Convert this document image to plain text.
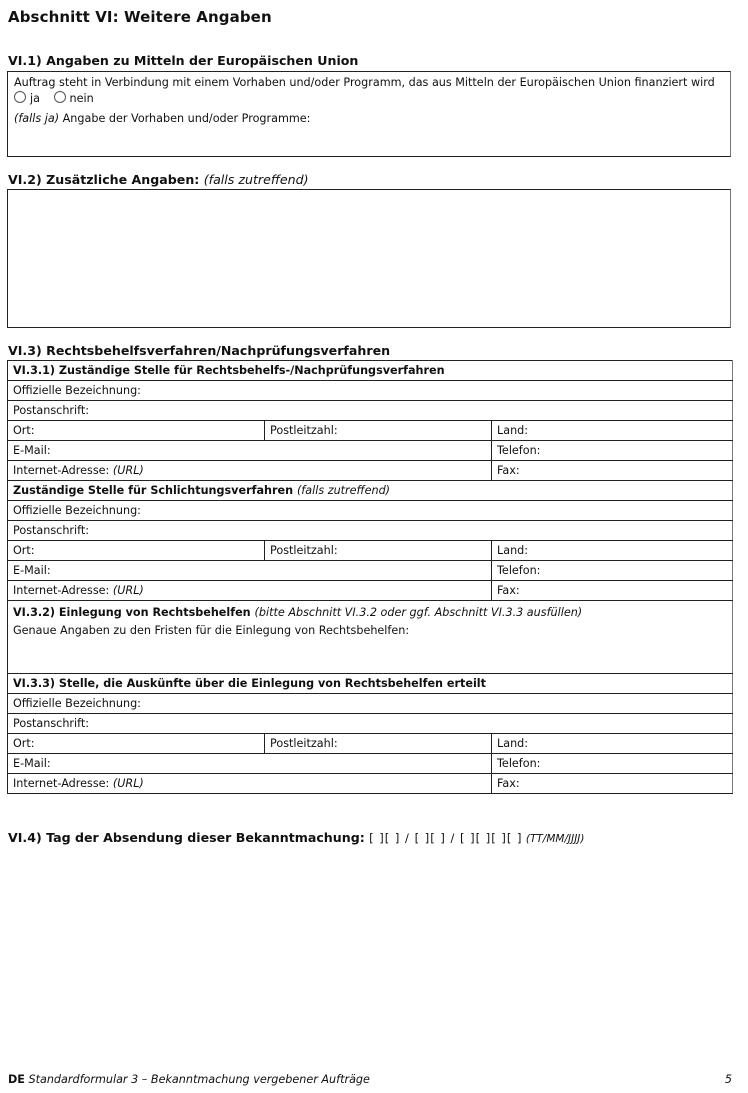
Abschnitt VI: Weitere Angaben
VI.1) Angaben zu Mitteln der Europäischen Union
Auftrag steht in Verbindung mit einem Vorhaben und/oder Programm, das aus Mitteln der Europäischen Union finanziert wird
ja	nein
(falls ja) Angabe der Vorhaben und/oder Programme:
VI.2) Zusätzliche Angaben: (falls zutreffend)
VI.3) Rechtsbehelfsverfahren/Nachprüfungsverfahren
VI.3.1) Zuständige Stelle für Rechtsbehelfs-/Nachprüfungsverfahren		
Offizielle Bezeichnung:		
Postanschrift:		
Ort:	Postleitzahl:	Land:
E-Mail:		Telefon:
Internet-Adresse: (URL)		Fax:
Zuständige Stelle für Schlichtungsverfahren (falls zutreffend)		
Offizielle Bezeichnung:		
Postanschrift:		
Ort:	Postleitzahl:	Land:
E-Mail:		Telefon:
Internet-Adresse: (URL)		Fax:

VI.3.2) Einlegung von Rechtsbehelfen (bitte Abschnitt VI.3.2 oder ggf. Abschnitt VI.3.3 ausfüllen)
Genaue Angaben zu den Fristen für die Einlegung von Rechtsbehelfen:		

VI.3.3) Stelle, die Auskünfte über die Einlegung von Rechtsbehelfen erteilt		
Offizielle Bezeichnung:		
Postanschrift:		
Ort:	Postleitzahl:	Land:
E-Mail:		Telefon:
Internet-Adresse: (URL)		Fax:
VI.4) Tag der Absendung dieser Bekanntmachung: [ ][ ] / [ ][ ] / [ ][ ][ ][ ] (TT/MM/JJJJ)
DE Standardformular 3 – Bekanntmachung vergebener Aufträge	5
